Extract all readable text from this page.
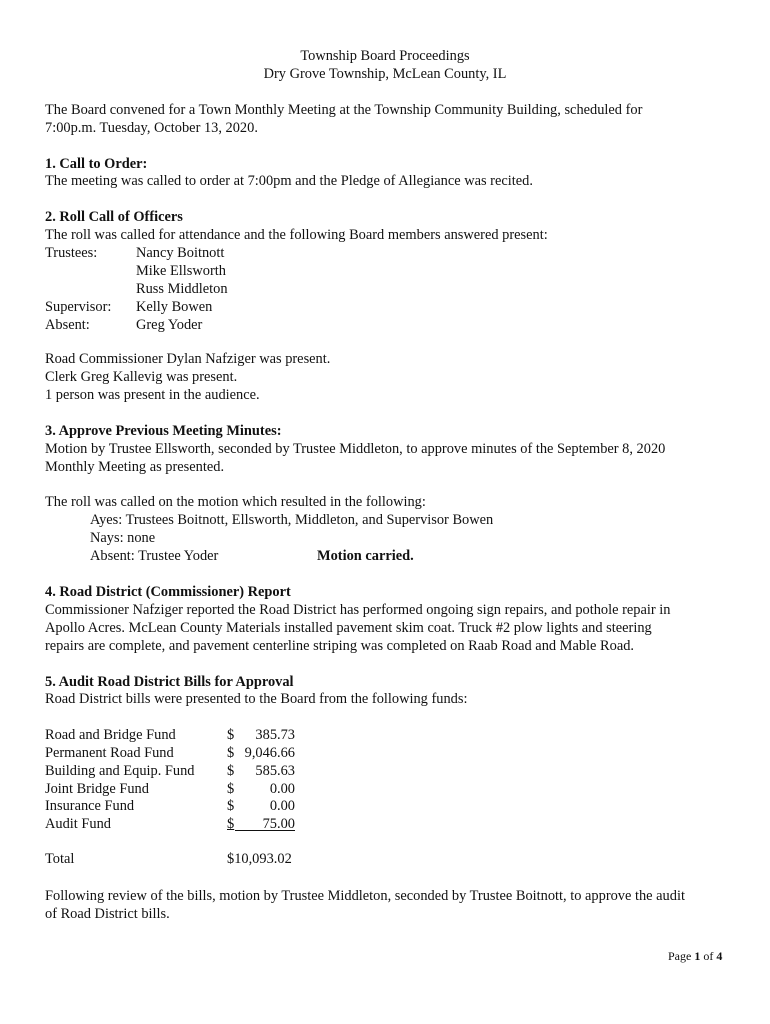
Township Board Proceedings
Dry Grove Township, McLean County, IL
The Board convened for a Town Monthly Meeting at the Township Community Building, scheduled for
7:00p.m. Tuesday, October 13, 2020.
1. Call to Order:
The meeting was called to order at 7:00pm and the Pledge of Allegiance was recited.
2. Roll Call of Officers
The roll was called for attendance and the following Board members answered present:
Trustees:	Nancy Boitnott
Mike Ellsworth
Russ Middleton
Supervisor: Kelly Bowen
Absent:	Greg Yoder
Road Commissioner Dylan Nafziger was present.
Clerk Greg Kallevig was present.
1 person was present in the audience.
3. Approve Previous Meeting Minutes:
Motion by Trustee Ellsworth, seconded by Trustee Middleton, to approve minutes of the September 8, 2020
Monthly Meeting as presented.
The roll was called on the motion which resulted in the following:
Ayes: Trustees Boitnott, Ellsworth, Middleton, and Supervisor Bowen
Nays: none
Absent: Trustee Yoder	Motion carried.
4. Road District (Commissioner) Report
Commissioner Nafziger reported the Road District has performed ongoing sign repairs, and pothole repair in
Apollo Acres. McLean County Materials installed pavement skim coat. Truck #2 plow lights and steering
repairs are complete, and pavement centerline striping was completed on Raab Road and Mable Road.
5. Audit Road District Bills for Approval
Road District bills were presented to the Board from the following funds:
Road and Bridge Fund	$	385.73
Permanent Road Fund	$ 9,046.66
Building and Equip. Fund $	585.63
Joint Bridge Fund	$	0.00
Insurance Fund	$	0.00
Audit Fund	$	75.00
Total	$10,093.02
Following review of the bills, motion by Trustee Middleton, seconded by Trustee Boitnott, to approve the audit
of Road District bills.
Page 1 of 4
